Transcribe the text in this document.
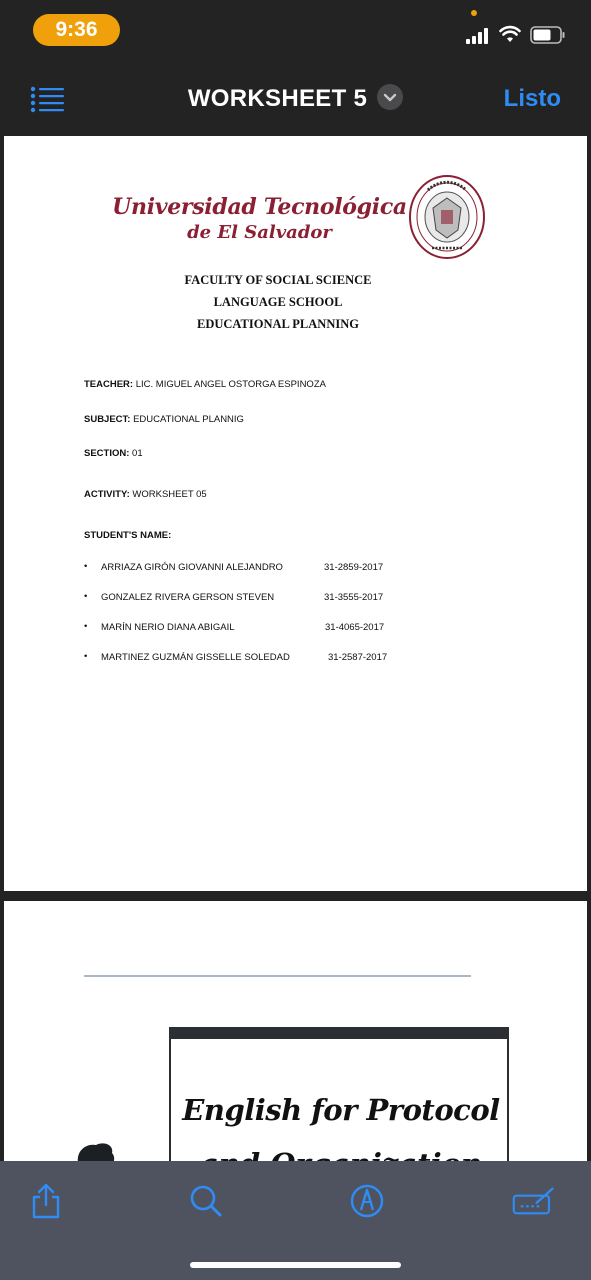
9:36
WORKSHEET 5	Listo
Universidad Tecnológica
de El Salvador
FACULTY OF SOCIAL SCIENCE
LANGUAGE SCHOOL
EDUCATIONAL PLANNING
TEACHER: LIC. MIGUEL ANGEL OSTORGA ESPINOZA
SUBJECT: EDUCATIONAL PLANNIG
SECTION: 01
ACTIVITY: WORKSHEET 05
STUDENT'S NAME:
• ARRIAZA GIRÓN GIOVANNI ALEJANDRO	31-2859-2017
• GONZALEZ RIVERA GERSON STEVEN	31-3555-2017
• MARÍN NERIO DIANA ABIGAIL	31-4065-2017
• MARTINEZ GUZMÁN GISSELLE SOLEDAD	31-2587-2017
English for Protocol
